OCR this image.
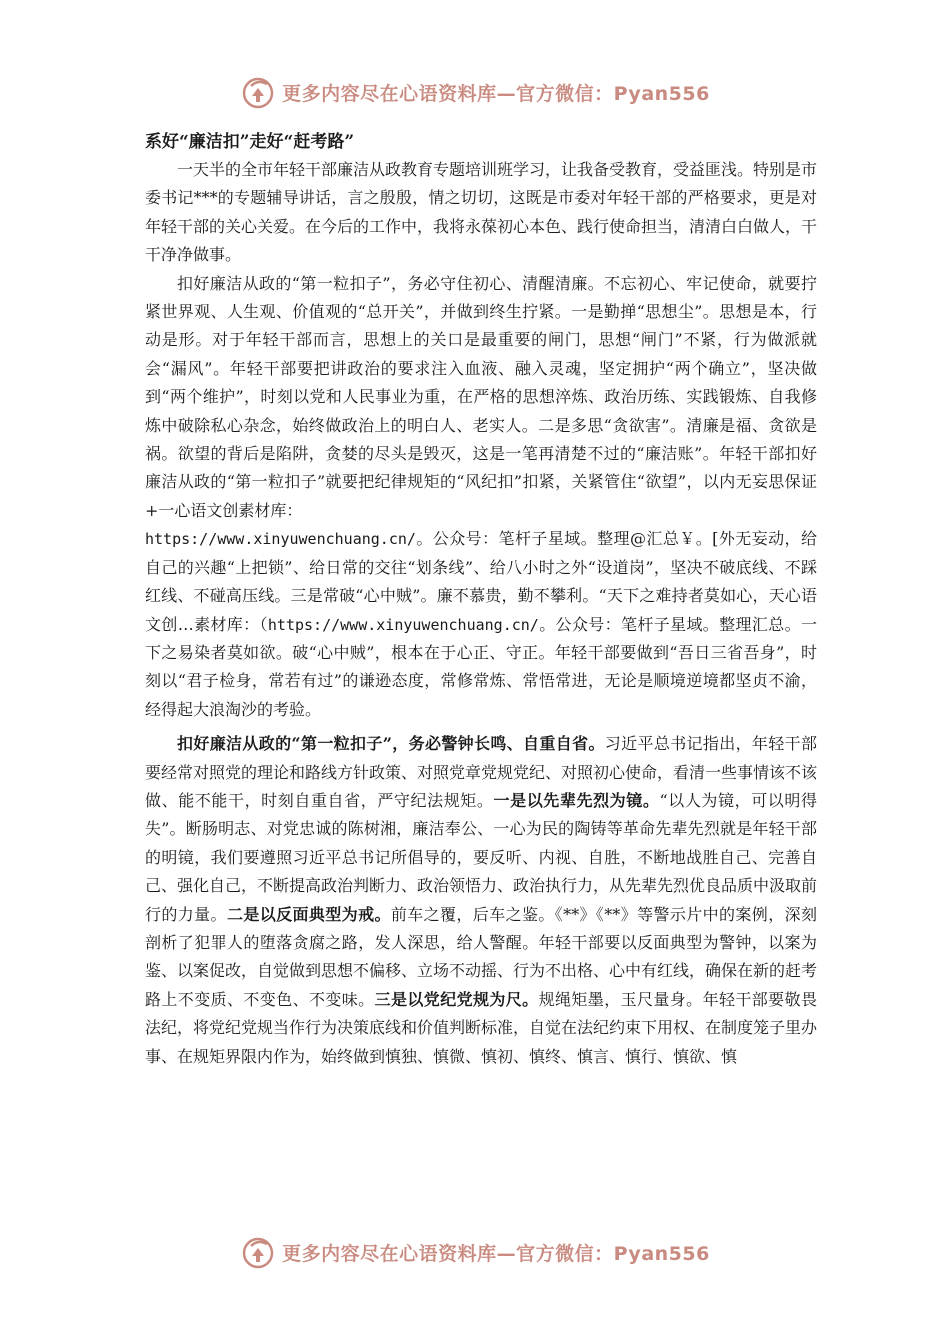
更多内容尽在心语资料库—官方微信：Pyan556
系好“廉洁扣”走好“赶考路”

一天半的全市年轻干部廉洁从政教育专题培训班学习，让我备受教育，受益匪浅。特别是市委书记***的专题辅导讲话，言之殷殷，情之切切，这既是市委对年轻干部的严格要求，更是对年轻干部的关心关爱。在今后的工作中，我将永葆初心本色、践行使命担当，清清白白做人，干干净净做事。

扣好廉洁从政的“第一粒扣子”，务必守住初心、清醒清廉。不忘初心、牢记使命，就要拧紧世界观、人生观、价值观的“总开关”，并做到终生拧紧。一是勤掸“思想尘”。思想是本，行动是形。对于年轻干部而言，思想上的关口是最重要的闸门，思想“闸门”不紧，行为做派就会“漏风”。年轻干部要把讲政治的要求注入血液、融入灵魂，坚定拥护“两个确立”，坚决做到“两个维护”，时刻以党和人民事业为重，在严格的思想淬炼、政治历练、实践锻炼、自我修炼中破除私心杂念，始终做政治上的明白人、老实人。二是多思“贪欲害”。清廉是福、贪欲是祸。欲望的背后是陷阱，贪婪的尽头是毁灭，这是一笔再清楚不过的“廉洁账”。年轻干部扣好廉洁从政的“第一粒扣子”就要把纪律规矩的“风纪扣”扣紧，关紧管住“欲望”，以内无妄思保证+一心语文创素材库：
https://www.xinyuwenchuang.cn/。公众号：笔杆子星域。整理@汇总￥。[外无妄动，给自己的兴趣“上把锁”、给日常的交往“划条线”、给八小时之外“设道岗”，坚决不破底线、不踩红线、不碰高压线。三是常破“心中贼”。廉不慕贵，勤不攀利。“天下之难持者莫如心，天心语文创…素材库：（https://www.xinyuwenchuang.cn/。公众号：笔杆子星域。整理汇总。一下之易染者莫如欲。破“心中贼”，根本在于心正、守正。年轻干部要做到“吾日三省吾身”，时刻以“君子检身，常若有过”的谦逊态度，常修常炼、常悟常进，无论是顺境逆境都坚贞不渝，经得起大浪淘沙的考验。

扣好廉洁从政的“第一粒扣子”，务必警钟长鸣、自重自省。习近平总书记指出，年轻干部要经常对照党的理论和路线方针政策、对照党章党规党纪、对照初心使命，看清一些事情该不该做、能不能干，时刻自重自省，严守纪法规矩。一是以先辈先烈为镜。“以人为镜，可以明得失”。断肠明志、对党忠诚的陈树湘，廉洁奉公、一心为民的陶铸等革命先辈先烈就是年轻干部的明镜，我们要遵照习近平总书记所倡导的，要反听、内视、自胜，不断地战胜自己、完善自己、强化自己，不断提高政治判断力、政治领悟力、政治执行力，从先辈先烈优良品质中汲取前行的力量。二是以反面典型为戒。前车之覆，后车之鉴。《**》《**》等警示片中的案例，深刻剖析了犯罪人的堕落贪腐之路，发人深思，给人警醒。年轻干部要以反面典型为警钟，以案为鉴、以案促改，自觉做到思想不偏移、立场不动摇、行为不出格、心中有红线，确保在新的赶考路上不变质、不变色、不变味。三是以党纪党规为尺。规绳矩墨，玉尺量身。年轻干部要敬畏法纪，将党纪党规当作行为决策底线和价值判断标准，自觉在法纪约束下用权、在制度笼子里办事、在规矩界限内作为，始终做到慎独、慎微、慎初、慎终、慎言、慎行、慎欲、慎

更多内容尽在心语资料库—官方微信：Pyan556
